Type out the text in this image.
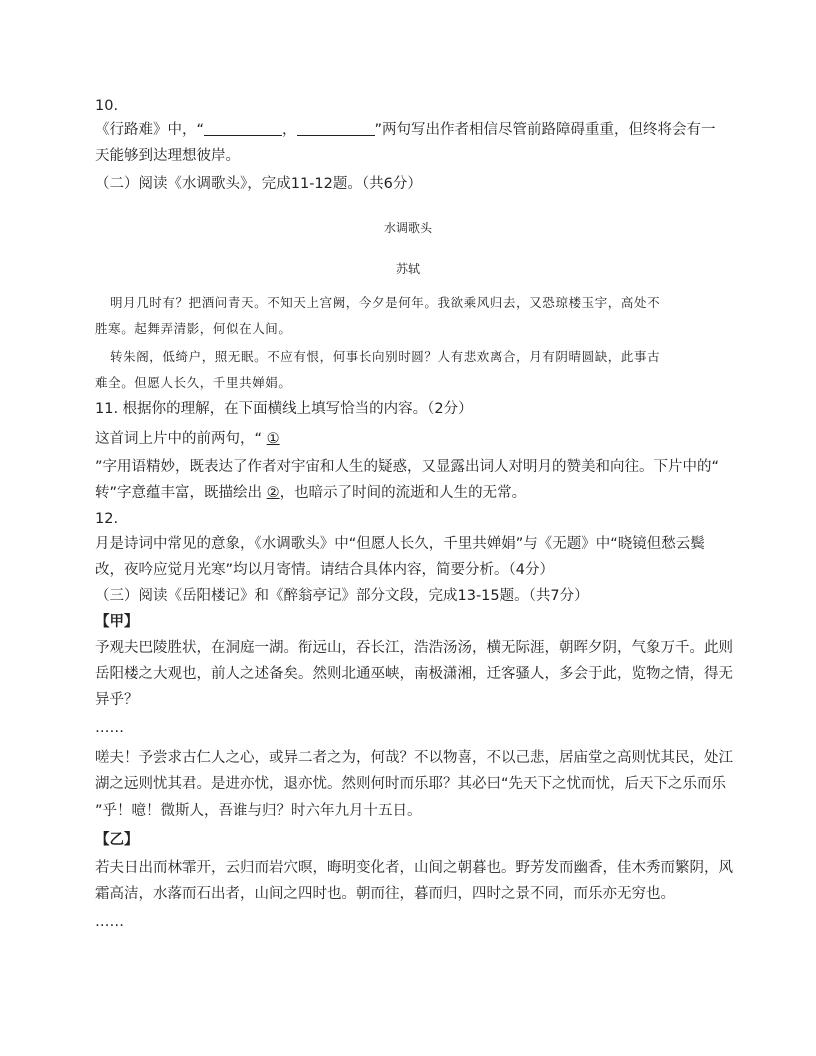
10.
《行路难》中，“	，	”两句写出作者相信尽管前路障碍重重，但终将会有一
天能够到达理想彼岸。
（二）阅读《水调歌头》，完成11-12题。（共6分）
水调歌头
苏轼
明月几时有？把酒问青天。不知天上宫阙，今夕是何年。我欲乘风归去，又恐琼楼玉宇，高处不
胜寒。起舞弄清影，何似在人间。
转朱阁，低绮户，照无眠。不应有恨，何事长向别时圆？人有悲欢离合，月有阴晴圆缺，此事古
难全。但愿人长久，千里共婵娟。
11. 根据你的理解，在下面横线上填写恰当的内容。（2分）
这首词上片中的前两句，“ ①
”字用语精妙，既表达了作者对宇宙和人生的疑惑，又显露出词人对明月的赞美和向往。下片中的“
转”字意蕴丰富，既描绘出 ②，也暗示了时间的流逝和人生的无常。
12.
月是诗词中常见的意象，《水调歌头》中“但愿人长久，千里共婵娟”与《无题》中“晓镜但愁云鬓
改，夜吟应觉月光寒”均以月寄情。请结合具体内容，简要分析。（4分）
（三）阅读《岳阳楼记》和《醉翁亭记》部分文段，完成13-15题。（共7分）
【甲】
予观夫巴陵胜状，在洞庭一湖。衔远山，吞长江，浩浩汤汤，横无际涯，朝晖夕阴，气象万千。此则
岳阳楼之大观也，前人之述备矣。然则北通巫峡，南极潇湘，迁客骚人，多会于此，览物之情，得无
异乎？
……
嗟夫！予尝求古仁人之心，或异二者之为，何哉？不以物喜，不以己悲，居庙堂之高则忧其民，处江
湖之远则忧其君。是进亦忧，退亦忧。然则何时而乐耶？其必曰“先天下之忧而忧，后天下之乐而乐
”乎！噫！微斯人，吾谁与归？时六年九月十五日。
【乙】
若夫日出而林霏开，云归而岩穴暝，晦明变化者，山间之朝暮也。野芳发而幽香，佳木秀而繁阴，风
霜高洁，水落而石出者，山间之四时也。朝而往，暮而归，四时之景不同，而乐亦无穷也。
……
